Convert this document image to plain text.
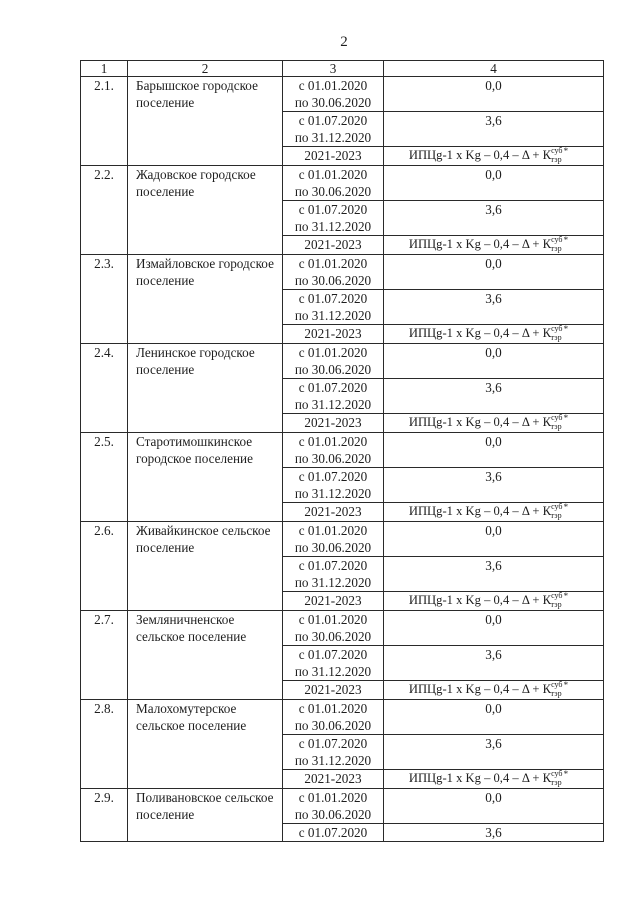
2
1	2	3	4
2.1.	Барышское городское поселение	с 01.01.2020
по 30.06.2020	0,0
		с 01.07.2020
по 31.12.2020	3,6
		2021-2023	ИПЦg-1 х $Kg - 0,4 - \Delta + К^{суб}_{тэр}^*$
2.2.	Жадовское городское поселение	с 01.01.2020
по 30.06.2020	0,0
		с 01.07.2020
по 31.12.2020	3,6
		2021-2023	ИПЦg-1 х $Kg - 0,4 - \Delta + К^{суб}_{тэр}^*$
2.3.	Измайловское городское поселение	с 01.01.2020
по 30.06.2020	0,0
		с 01.07.2020
по 31.12.2020	3,6
		2021-2023	ИПЦg-1 х $Kg - 0,4 - \Delta + К^{суб}_{тэр}^*$
2.4.	Ленинское городское поселение	с 01.01.2020
по 30.06.2020	0,0
		с 01.07.2020
по 31.12.2020	3,6
		2021-2023	ИПЦg-1 х $Kg - 0,4 - \Delta + К^{суб}_{тэр}^*$
2.5.	Старотимошкинское городское поселение	с 01.01.2020
по 30.06.2020	0,0
		с 01.07.2020
по 31.12.2020	3,6
		2021-2023	ИПЦg-1 х $Kg - 0,4 - \Delta + К^{суб}_{тэр}^*$
2.6.	Живайкинское сельское поселение	с 01.01.2020
по 30.06.2020	0,0
		с 01.07.2020
по 31.12.2020	3,6
		2021-2023	ИПЦg-1 х $Kg - 0,4 - \Delta + К^{суб}_{тэр}^*$
2.7.	Земляничненское сельское поселение	с 01.01.2020
по 30.06.2020	0,0
		с 01.07.2020
по 31.12.2020	3,6
		2021-2023	ИПЦg-1 х $Kg - 0,4 - \Delta + К^{суб}_{тэр}^*$
2.8.	Малохомутерское сельское поселение	с 01.01.2020
по 30.06.2020	0,0
		с 01.07.2020
по 31.12.2020	3,6
		2021-2023	ИПЦg-1 х $Kg - 0,4 - \Delta + К^{суб}_{тэр}^*$
2.9.	Поливановское сельское поселение	с 01.01.2020
по 30.06.2020	0,0
		с 01.07.2020	3,6
